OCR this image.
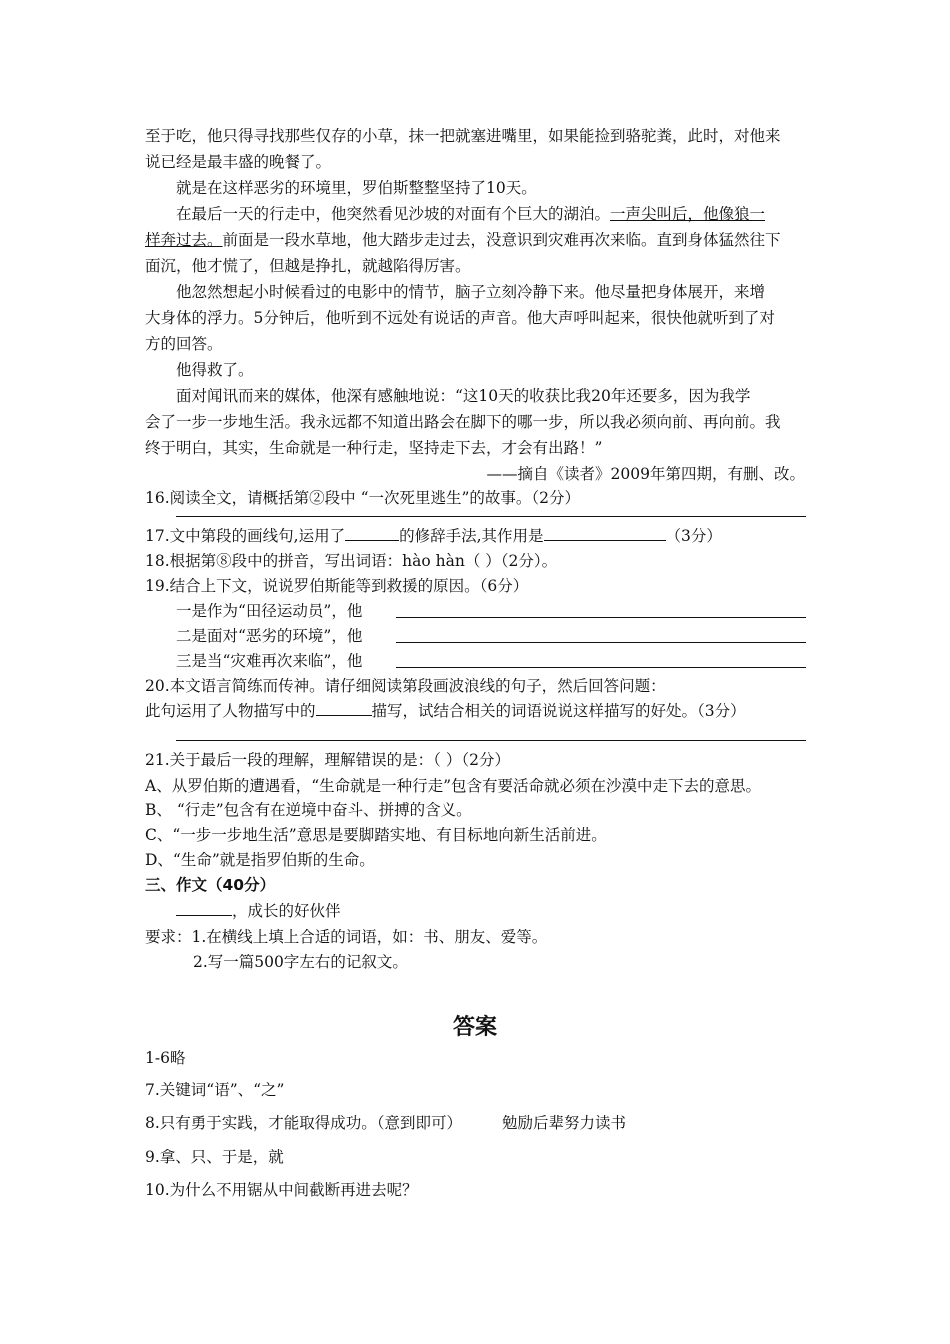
至于吃，他只得寻找那些仅存的小草，抹一把就塞进嘴里，如果能捡到骆驼粪，此时，对他来
说已经是最丰盛的晚餐了。
就是在这样恶劣的环境里，罗伯斯整整坚持了10天。
在最后一天的行走中，他突然看见沙坡的对面有个巨大的湖泊。一声尖叫后，他像狼一
样奔过去。前面是一段水草地，他大踏步走过去，没意识到灾难再次来临。直到身体猛然往下
面沉，他才慌了，但越是挣扎，就越陷得厉害。
他忽然想起小时候看过的电影中的情节，脑子立刻冷静下来。他尽量把身体展开，来增
大身体的浮力。5分钟后，他听到不远处有说话的声音。他大声呼叫起来，很快他就听到了对
方的回答。
他得救了。
面对闻讯而来的媒体，他深有感触地说：“这10天的收获比我20年还要多，因为我学
会了一步一步地生活。我永远都不知道出路会在脚下的哪一步，所以我必须向前、再向前。我
终于明白，其实，生命就是一种行走，坚持走下去，才会有出路！”
——摘自《读者》2009年第四期，有删、改。
16.阅读全文，请概括第②段中 “一次死里逃生”的故事。（2分）
17.文中第段的画线句,运用了	的修辞手法,其作用是	（3分）
18.根据第⑧段中的拼音，写出词语：hào hàn（ ）（2分）。
19.结合上下文，说说罗伯斯能等到救援的原因。（6分）
一是作为“田径运动员”，他
二是面对“恶劣的环境”，他
三是当“灾难再次来临”，他
20.本文语言简练而传神。请仔细阅读第段画波浪线的句子，然后回答问题：
此句运用了人物描写中的	描写，试结合相关的词语说说这样描写的好处。（3分）
21.关于最后一段的理解，理解错误的是：（ ）（2分）
A、从罗伯斯的遭遇看，“生命就是一种行走”包含有要活命就必须在沙漠中走下去的意思。
B、 “行走”包含有在逆境中奋斗、拼搏的含义。
C、“一步一步地生活”意思是要脚踏实地、有目标地向新生活前进。
D、“生命”就是指罗伯斯的生命。
三、作文（40分）
，成长的好伙伴
要求：1.在横线上填上合适的词语，如：书、朋友、爱等。
2.写一篇500字左右的记叙文。
答案
1-6略
7.关键词“语”、“之”
8.只有勇于实践，才能取得成功。（意到即可）	勉励后辈努力读书
9.拿、只、于是，就
10.为什么不用锯从中间截断再进去呢？
